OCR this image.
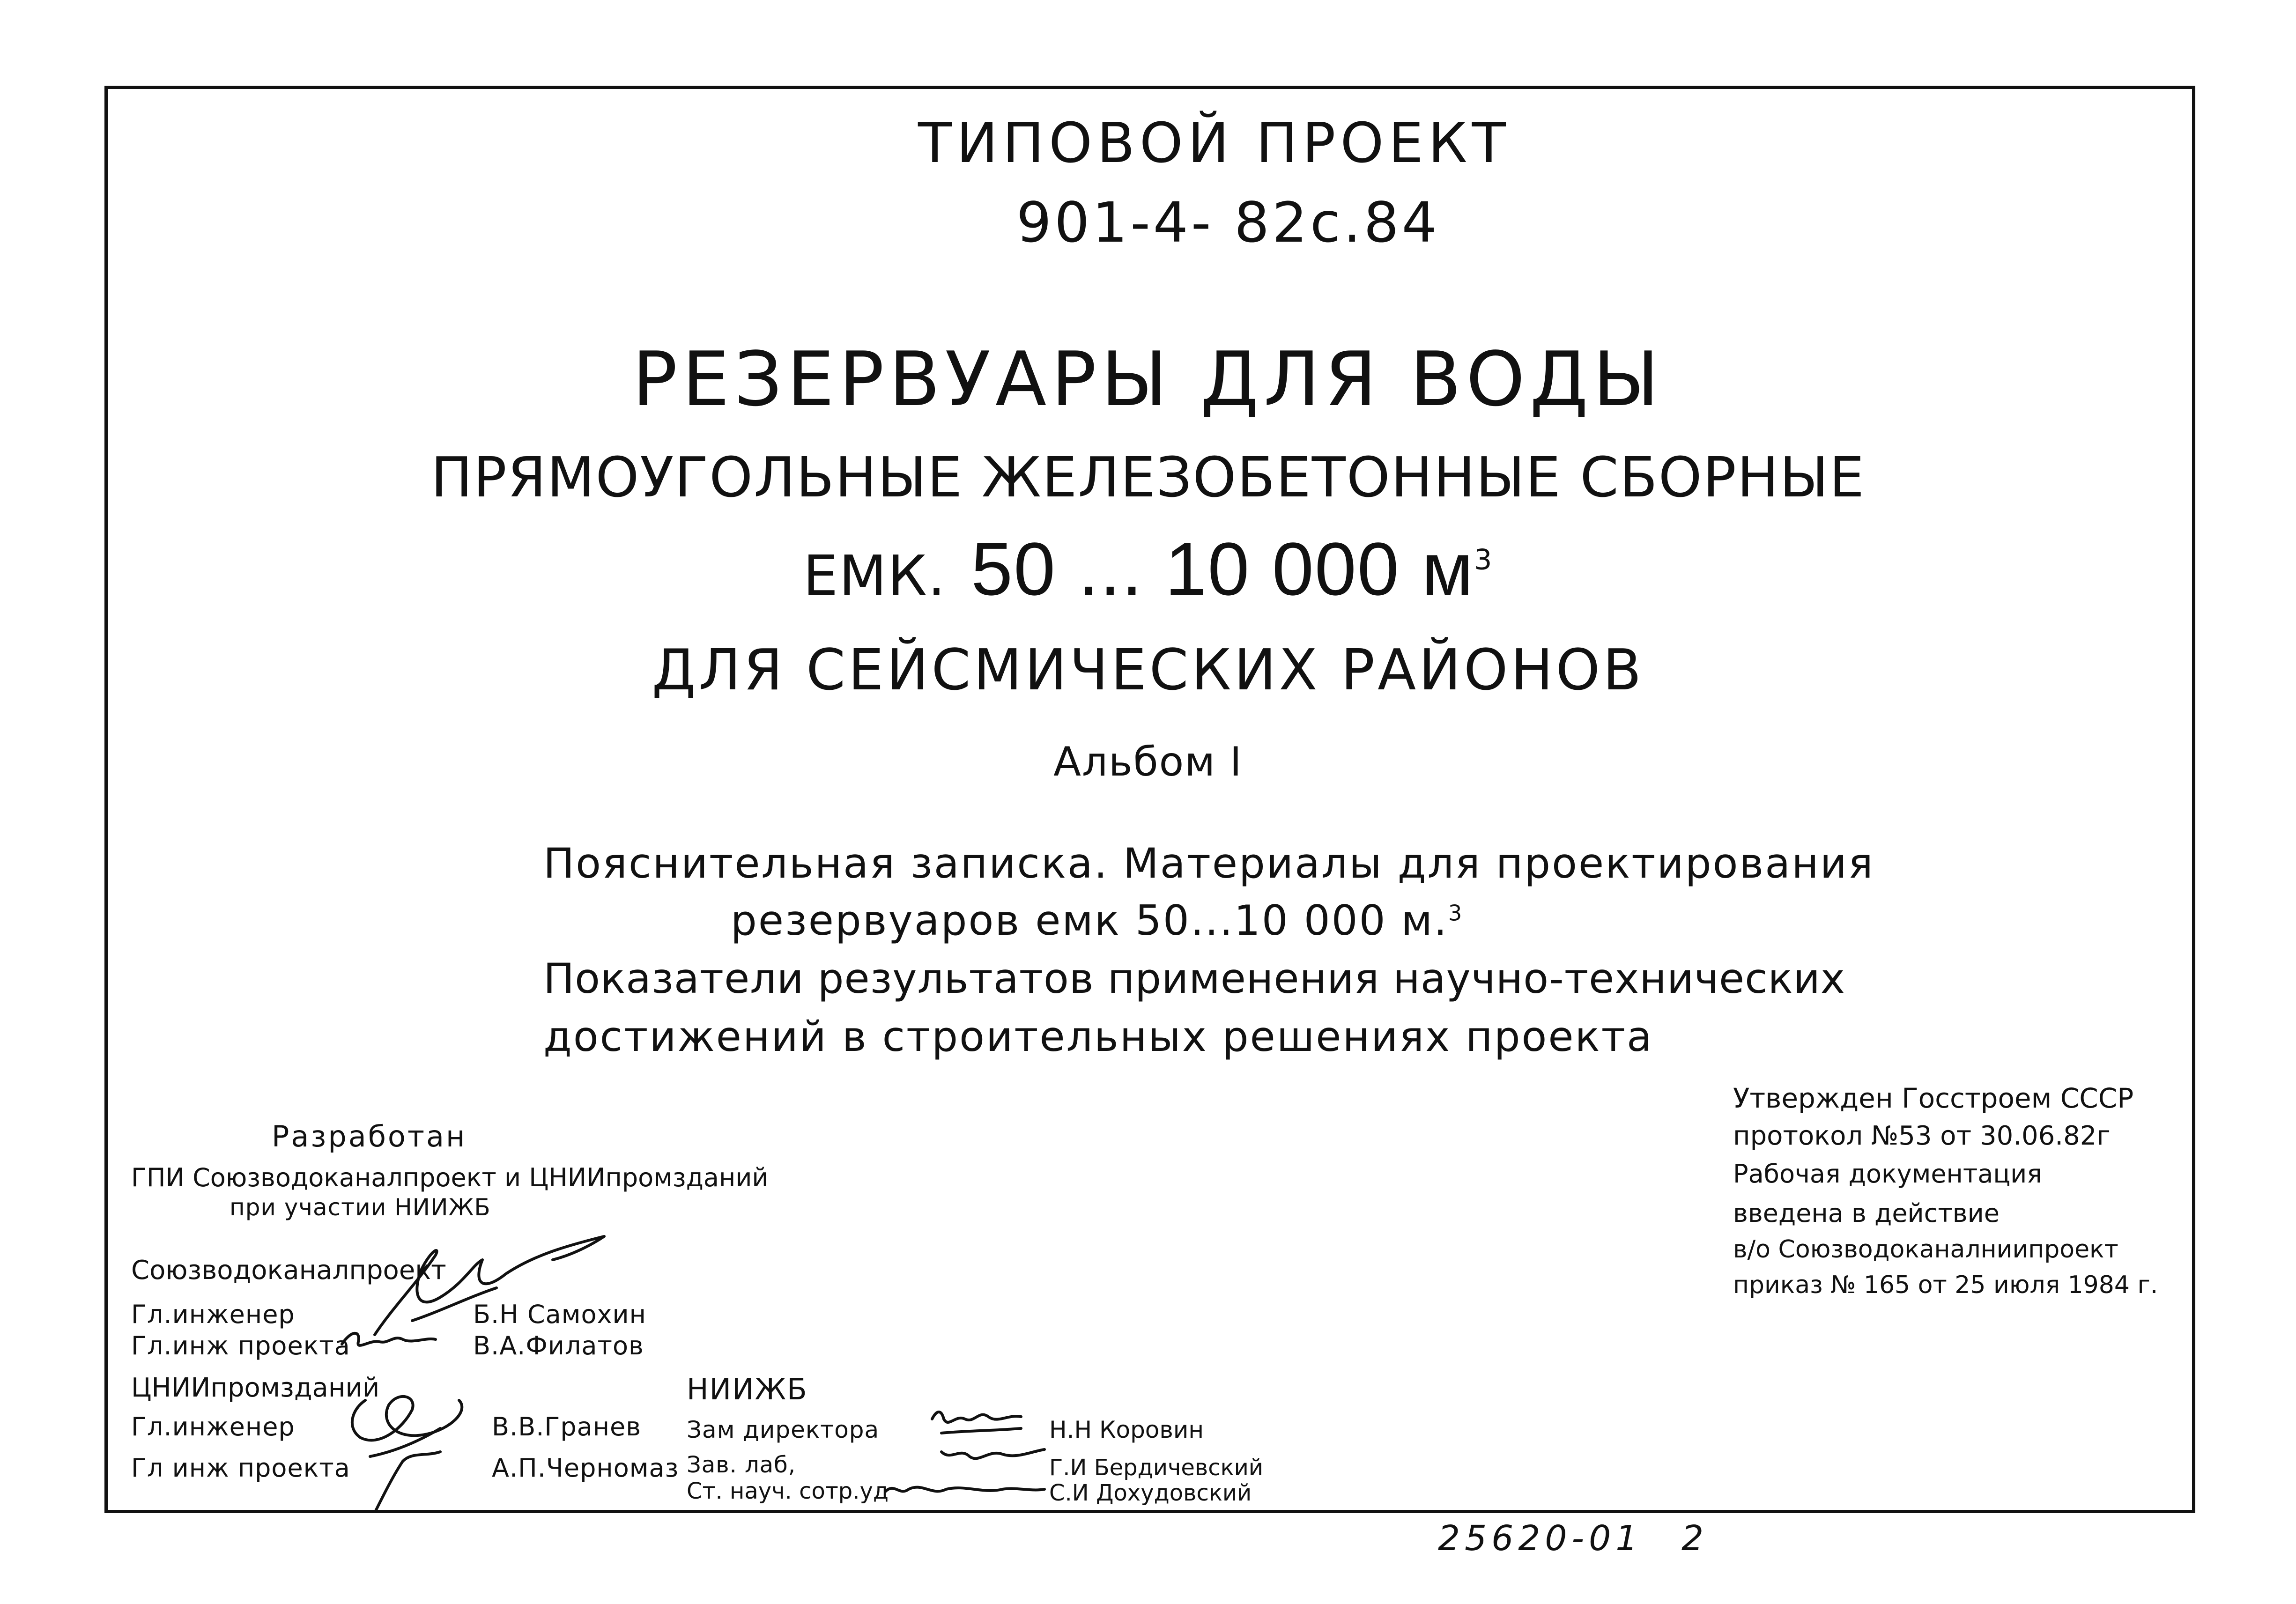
ТИПОВОЙ ПРОЕКТ
901-4- 82с.84
РЕЗЕРВУАРЫ ДЛЯ ВОДЫ
ПРЯМОУГОЛЬНЫЕ ЖЕЛЕЗОБЕТОННЫЕ СБОРНЫЕ
ЕМК. 50 ... 10 000 $м^3$
ДЛЯ СЕЙСМИЧЕСКИХ РАЙОНОВ
Альбом I
Пояснительная записка. Материалы для проектирования
резервуаров емк 50...10 000 м.$^3$
Показатели результатов применения научно-технических
достижений в строительных решениях проекта
Разработан
ГПИ Союзводоканалпроект и ЦНИИпромзданий
при участии НИИЖБ
Союзводоканалпроект
Гл.инженер	Б.Н Самохин
Гл.инж проекта	В.А.Филатов
ЦНИИпромзданий
Гл.инженер	В.В.Гранев
Гл инж проекта	А.П.Черномаз
НИИЖБ
Зам директора	Н.Н Коровин
Зав. лаб,	Г.И Бердичевский
Ст. науч. сотр.уд	С.И Дохудовский
Утвержден Госстроем СССР
протокол №53 от 30.06.82г
Рабочая документация
введена в действие
в/о Союзводоканалниипроект
приказ № 165 от 25 июля 1984 г.
25620-01 2
